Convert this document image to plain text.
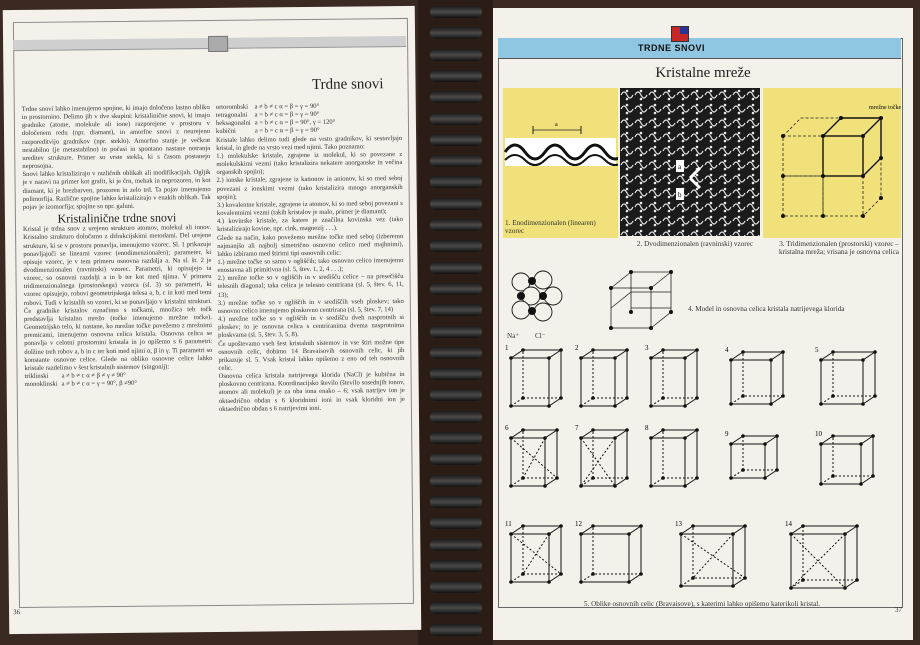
Trdne snovi

Trdne snovi lahko imenujemo spojine, ki imajo določeno lastno obliko in prostornino. Delimo jih v dve skupini: kristalinične snovi, ki imajo gradnike (atome, molekule ali ione) razporejene v prostoru v določenem redu (npr. diamant), in amorfne snovi z neurejeno razporeditvijo gradnikov (npr. steklo). Amorfno stanje je večkrat nestabilno (je metastabilno) in počasi in spontano nastane notranja ureditev strukture. Primer so vrste stekla, ki s časom postanejo neprosojna.

Snovi lahko kristalizirajo v različnih oblikah ali modifikacijah. Ogljik je v naravi na primer kot grafit, ki je črn, mehak in neprozoren, in kot diamant, ki je brezbarven, prozoren in zelo trd. Ta pojav imenujemo polimorfija. Različne spojine lahko kristalizirajo v enakih oblikah. Tak pojav je izomorfija; spojine so npr. galuni.

Kristalinične trdne snovi

Kristal je trdna snov z urejeno strukturo atomov, molekul ali ionov. Kristalno strukturo določamo z difrakcijskimi metodami. Del urejene strukture, ki se v prostoru ponavlja, imenujemo vzorec. Sl. 1 prikazuje ponavljajoči se linearni vzorec (enodimenzionalen); parameter, ki opisuje vzorec, je v tem primeru osnovna razdalja a. Na sl. št. 2 je dvodimenzionalen (ravninski) vzorec. Parametri, ki opisujejo ta vzorec, so osnovni razdalji a in b ter kot med njima. V primeru tridimenzionalnega (prostorskega) vzorca (sl. 3) so parametri, ki vzorec opisujejo, robovi geometrijskega telesa a, b, c in koti med temi robovi. Tudi v kristalih so vzorci, ki se ponavljajo v kristalni strukturi. Če gradnike kristalov označimo s točkami, množica teh točk predstavlja kristalno mrežo (točke imenujemo mrežne točke). Geometrijsko telo, ki nastane, ko mrežne točke povežemo z mrežnimi premicami, imenujemo osnovna celica kristala. Osnovna celica se ponavlja v celotni prostornini kristala in jo opišemo s 6 parametri: dolžine treh robov a, b in c ter koti med njimi α, β in γ. Ti parametri so konstante osnovne celice. Glede na obliko osnovne celice lahko kristale razdelimo v šest kristalnih sistemov (singonij):

triklinski	a ≠ b ≠ c α ≠ β ≠ γ ≠ 90°
monoklinski	a ≠ b ≠ c α = γ = 90°, β ≠90°
ortorombski	a ≠ b ≠ c α = β = γ = 90°
tetragonalni	a = b ≠ c α = β = γ = 90°
heksagonalni	a = b ≠ c α = β = 90°, γ = 120°
kubični	a = b = c α = β = γ = 90°

Kristale lahko delimo tudi glede na vrsto gradnikov, ki sestavljajo kristal, in glede na vrsto vezi med njimi. Tako poznamo:

1.) molekulske kristale, zgrajene iz molekul, ki so povezane z molekulskimi vezmi (tako kristalizira nekatere anorganske in večina organskih spojin);

2.) ionske kristale, zgrajene iz kationov in anionov, ki so med seboj povezani z ionskimi vezmi (tako kristalizira mnogo anorganskih spojin);

3.) kovalentne kristale, zgrajene iz atomov, ki so med seboj povezani s kovalentnimi vezmi (takih kristalov je malo, primer je diamant);

4.) kovinske kristale, za katere je značilna kovinska vez (tako kristalizirajo kovine, npr. cink, magnezij . . .).

Glede na način, kako povežemo mrežne točke med seboj (izberemo najmanjšo ali najbolj simetrično osnovno celico med majhnimi), lahko izbiramo med štirimi tipi osnovnih celic:

1.) mrežne točke so samo v ogliščih; tako osnovno celico imenujemo enostavna ali primitivna (sl. 5, štev. 1, 2, 4 . . .);

2.) mrežne točke so v ogliščih in v središču celice – na presečišču telesnih diagonal; taka celica je telesno centrirana (sl. 5, štev. 6, 11, 13);

3.) mrežne točke so v ogliščih in v središčih vseh ploskev; tako osnovno celico imenujemo ploskovno centrirana (sl. 5, štev. 7, 14)

4.) mrežne točke so v ogliščih in v središču dveh nasprotnih si ploskev; to je osnovna celica s centriranima dvema nasprotnima ploskvama (sl. 5, štev. 3, 5, 8).

Če upoštevamo vseh šest kristalnih sistemov in vse štiri možne tipe osnovnih celic, dobimo 14 Bravaisovih osnovnih celic, ki jih prikazuje sl. 5. Vsak kristal lahko opišemo z eno od teh osnovnih celic.

Osnovna celica kristala natrijevega klorida (NaCl) je kubična in ploskovno centrirana. Koordinacijsko število (število sosednjih ionov, atomov ali molekul) je za oba iona enako – 6; vsak natrijev ion je oktaedrično obdan s 6 kloridnimi ioni in vsak kloridni ion je oktaedrično obdan s 6 natrijevimi ioni.

36
TRDNE SNOVI
Kristalne mreže
a
1. Enodimenzionalen (linearen) vzorec
a
b
2. Dvodimenzionalen (ravninski) vzorec
mrežne točke
3. Tridimenzionalen (prostorski) vzorec – kristalna mreža; vrisana je osnovna celica
Na⁺	Cl⁻
4. Model in osnovna celica kristala natrijevega klorida
1	2	3	4	5
6	7	8
9	10
11	12	13	14
5. Oblike osnovnih celic (Bravaisove), s katerimi lahko opišemo katerikoli kristal.
37
